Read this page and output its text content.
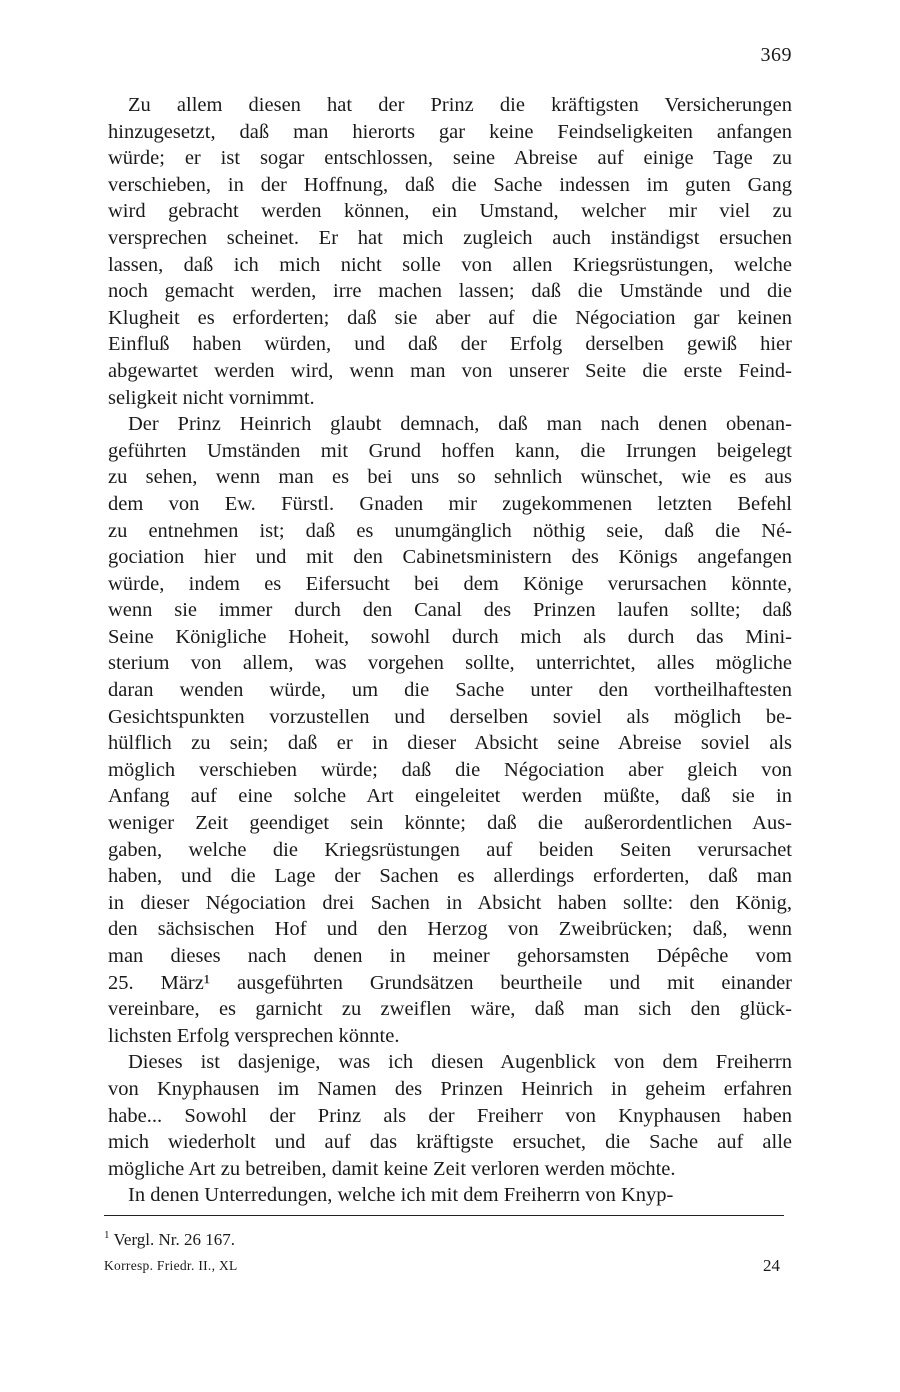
369
Zu allem diesen hat der Prinz die kräftigsten Versicherungen
hinzugesetzt, daß man hierorts gar keine Feindseligkeiten anfangen
würde; er ist sogar entschlossen, seine Abreise auf einige Tage zu
verschieben, in der Hoffnung, daß die Sache indessen im guten Gang
wird gebracht werden können, ein Umstand, welcher mir viel zu
versprechen scheinet. Er hat mich zugleich auch inständigst ersuchen
lassen, daß ich mich nicht solle von allen Kriegsrüstungen, welche
noch gemacht werden, irre machen lassen; daß die Umstände und die
Klugheit es erforderten; daß sie aber auf die Négociation gar keinen
Einfluß haben würden, und daß der Erfolg derselben gewiß hier
abgewartet werden wird, wenn man von unserer Seite die erste Feind-
seligkeit nicht vornimmt.
Der Prinz Heinrich glaubt demnach, daß man nach denen obenan-
geführten Umständen mit Grund hoffen kann, die Irrungen beigelegt
zu sehen, wenn man es bei uns so sehnlich wünschet, wie es aus
dem von Ew. Fürstl. Gnaden mir zugekommenen letzten Befehl
zu entnehmen ist; daß es unumgänglich nöthig seie, daß die Né-
gociation hier und mit den Cabinetsministern des Königs angefangen
würde, indem es Eifersucht bei dem Könige verursachen könnte,
wenn sie immer durch den Canal des Prinzen laufen sollte; daß
Seine Königliche Hoheit, sowohl durch mich als durch das Mini-
sterium von allem, was vorgehen sollte, unterrichtet, alles mögliche
daran wenden würde, um die Sache unter den vortheilhaftesten
Gesichtspunkten vorzustellen und derselben soviel als möglich be-
hülflich zu sein; daß er in dieser Absicht seine Abreise soviel als
möglich verschieben würde; daß die Négociation aber gleich von
Anfang auf eine solche Art eingeleitet werden müßte, daß sie in
weniger Zeit geendiget sein könnte; daß die außerordentlichen Aus-
gaben, welche die Kriegsrüstungen auf beiden Seiten verursachet
haben, und die Lage der Sachen es allerdings erforderten, daß man
in dieser Négociation drei Sachen in Absicht haben sollte: den König,
den sächsischen Hof und den Herzog von Zweibrücken; daß, wenn
man dieses nach denen in meiner gehorsamsten Dépêche vom
25. März¹ ausgeführten Grundsätzen beurtheile und mit einander
vereinbare, es garnicht zu zweiflen wäre, daß man sich den glück-
lichsten Erfolg versprechen könnte.
Dieses ist dasjenige, was ich diesen Augenblick von dem Freiherrn
von Knyphausen im Namen des Prinzen Heinrich in geheim erfahren
habe... Sowohl der Prinz als der Freiherr von Knyphausen haben
mich wiederholt und auf das kräftigste ersuchet, die Sache auf alle
mögliche Art zu betreiben, damit keine Zeit verloren werden möchte.
In denen Unterredungen, welche ich mit dem Freiherrn von Knyp-
$^1$ Vergl. Nr. 26 167.
Korresp. Friedr. II., XL	24
